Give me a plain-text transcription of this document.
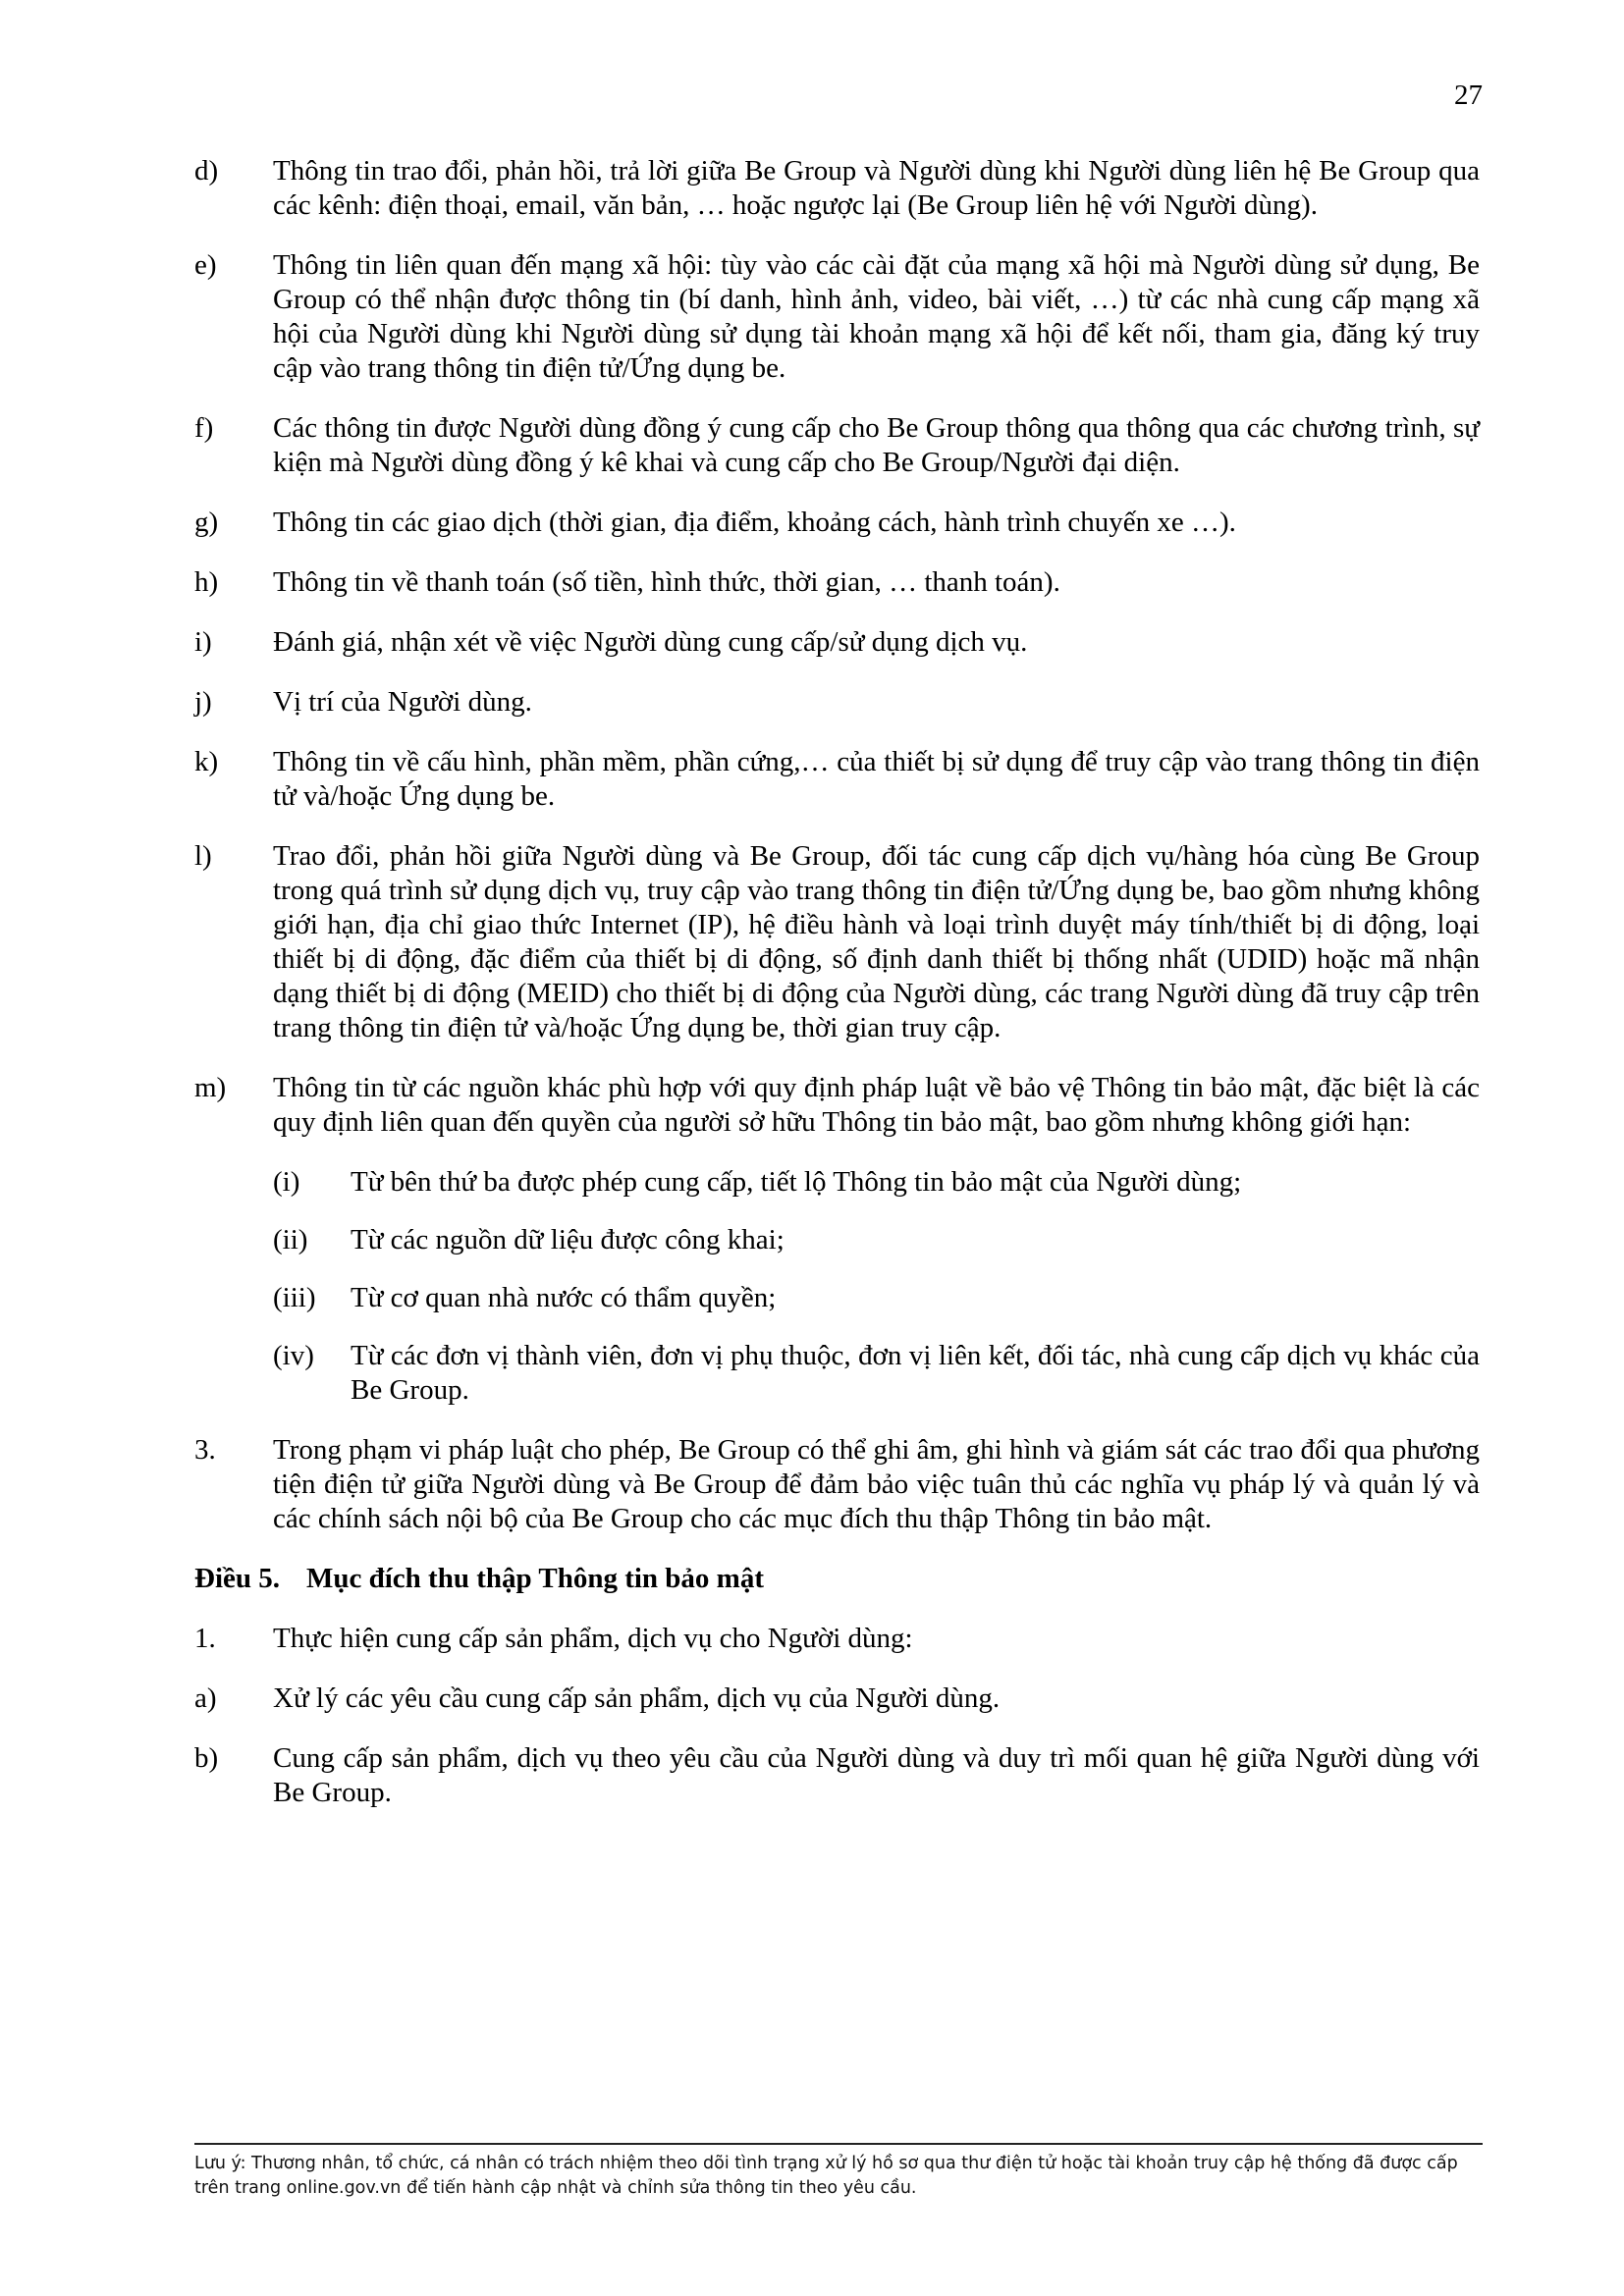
27
d)	Thông tin trao đổi, phản hồi, trả lời giữa Be Group và Người dùng khi Người dùng liên hệ Be Group qua các kênh: điện thoại, email, văn bản, … hoặc ngược lại (Be Group liên hệ với Người dùng).
e)	Thông tin liên quan đến mạng xã hội: tùy vào các cài đặt của mạng xã hội mà Người dùng sử dụng, Be Group có thể nhận được thông tin (bí danh, hình ảnh, video, bài viết, …) từ các nhà cung cấp mạng xã hội của Người dùng khi Người dùng sử dụng tài khoản mạng xã hội để kết nối, tham gia, đăng ký truy cập vào trang thông tin điện tử/Ứng dụng be.
f)	Các thông tin được Người dùng đồng ý cung cấp cho Be Group thông qua thông qua các chương trình, sự kiện mà Người dùng đồng ý kê khai và cung cấp cho Be Group/Người đại diện.
g)	Thông tin các giao dịch (thời gian, địa điểm, khoảng cách, hành trình chuyến xe …).
h)	Thông tin về thanh toán (số tiền, hình thức, thời gian, … thanh toán).
i)	Đánh giá, nhận xét về việc Người dùng cung cấp/sử dụng dịch vụ.
j)	Vị trí của Người dùng.
k)	Thông tin về cấu hình, phần mềm, phần cứng,… của thiết bị sử dụng để truy cập vào trang thông tin điện tử và/hoặc Ứng dụng be.
l)	Trao đổi, phản hồi giữa Người dùng và Be Group, đối tác cung cấp dịch vụ/hàng hóa cùng Be Group trong quá trình sử dụng dịch vụ, truy cập vào trang thông tin điện tử/Ứng dụng be, bao gồm nhưng không giới hạn, địa chỉ giao thức Internet (IP), hệ điều hành và loại trình duyệt máy tính/thiết bị di động, loại thiết bị di động, đặc điểm của thiết bị di động, số định danh thiết bị thống nhất (UDID) hoặc mã nhận dạng thiết bị di động (MEID) cho thiết bị di động của Người dùng, các trang Người dùng đã truy cập trên trang thông tin điện tử và/hoặc Ứng dụng be, thời gian truy cập.
m)	Thông tin từ các nguồn khác phù hợp với quy định pháp luật về bảo vệ Thông tin bảo mật, đặc biệt là các quy định liên quan đến quyền của người sở hữu Thông tin bảo mật, bao gồm nhưng không giới hạn:
(i)	Từ bên thứ ba được phép cung cấp, tiết lộ Thông tin bảo mật của Người dùng;
(ii)	Từ các nguồn dữ liệu được công khai;
(iii)	Từ cơ quan nhà nước có thẩm quyền;
(iv)	Từ các đơn vị thành viên, đơn vị phụ thuộc, đơn vị liên kết, đối tác, nhà cung cấp dịch vụ khác của Be Group.
3.	Trong phạm vi pháp luật cho phép, Be Group có thể ghi âm, ghi hình và giám sát các trao đổi qua phương tiện điện tử giữa Người dùng và Be Group để đảm bảo việc tuân thủ các nghĩa vụ pháp lý và quản lý và các chính sách nội bộ của Be Group cho các mục đích thu thập Thông tin bảo mật.
Điều 5. Mục đích thu thập Thông tin bảo mật
1.	Thực hiện cung cấp sản phẩm, dịch vụ cho Người dùng:
a)	Xử lý các yêu cầu cung cấp sản phẩm, dịch vụ của Người dùng.
b)	Cung cấp sản phẩm, dịch vụ theo yêu cầu của Người dùng và duy trì mối quan hệ giữa Người dùng với Be Group.
Lưu ý: Thương nhân, tổ chức, cá nhân có trách nhiệm theo dõi tình trạng xử lý hồ sơ qua thư điện tử hoặc tài khoản truy cập hệ thống đã được cấp trên trang online.gov.vn để tiến hành cập nhật và chỉnh sửa thông tin theo yêu cầu.
